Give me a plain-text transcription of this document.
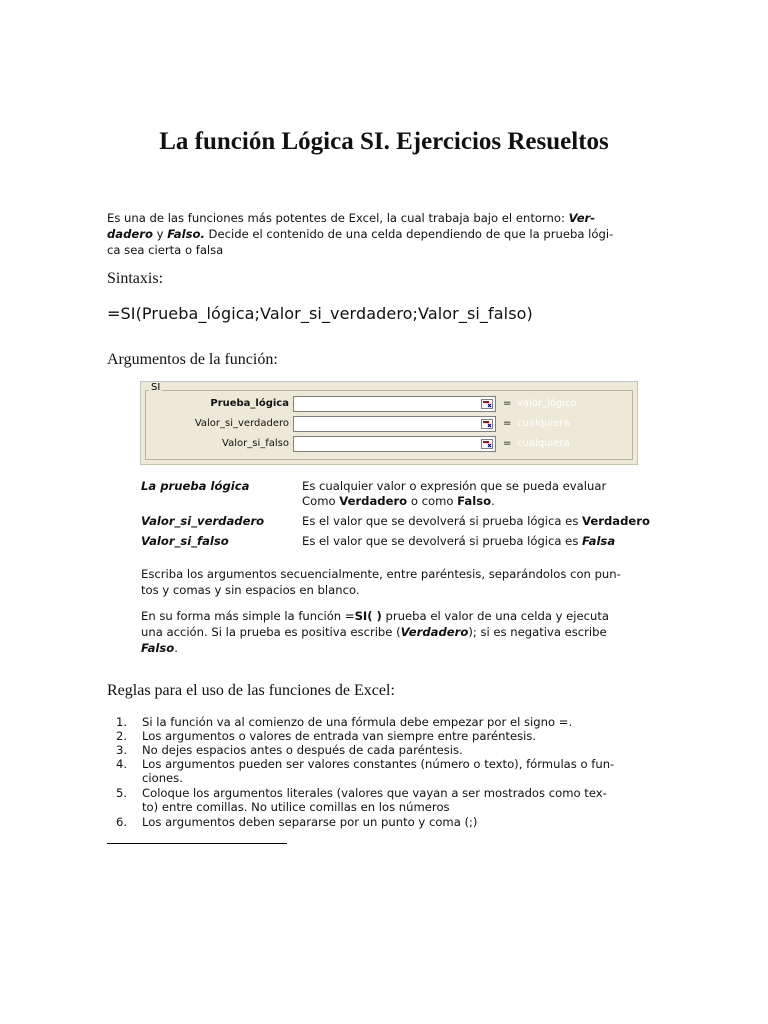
La función Lógica SI. Ejercicios Resueltos

Es una de las funciones más potentes de Excel, la cual trabaja bajo el entorno: Ver-

dadero y Falso. Decide el contenido de una celda dependiendo de que la prueba lógi-

ca sea cierta o falsa

Sintaxis:
=SI(Prueba_lógica;Valor_si_verdadero;Valor_si_falso)
Argumentos de la función:
SI
Prueba_lógica	= valor_lógico
Valor_si_verdadero	= cualquiera
Valor_si_falso	= cualquiera
La prueba lógica	Es cualquier valor o expresión que se pueda evaluar
Como Verdadero o como Falso.
Valor_si_verdadero	Es el valor que se devolverá si prueba lógica es Verdadero
Valor_si_falso	Es el valor que se devolverá si prueba lógica es Falsa

Escriba los argumentos secuencialmente, entre paréntesis, separándolos con pun-

tos y comas y sin espacios en blanco.

En su forma más simple la función =SI( ) prueba el valor de una celda y ejecuta

una acción. Si la prueba es positiva escribe (Verdadero); si es negativa escribe

Falso.

Reglas para el uso de las funciones de Excel:
1. Si la función va al comienzo de una fórmula debe empezar por el signo =.
2. Los argumentos o valores de entrada van siempre entre paréntesis.
3. No dejes espacios antes o después de cada paréntesis.
4. Los argumentos pueden ser valores constantes (número o texto), fórmulas o fun-
ciones.
5. Coloque los argumentos literales (valores que vayan a ser mostrados como tex-
to) entre comillas. No utilice comillas en los números
6. Los argumentos deben separarse por un punto y coma (;)
